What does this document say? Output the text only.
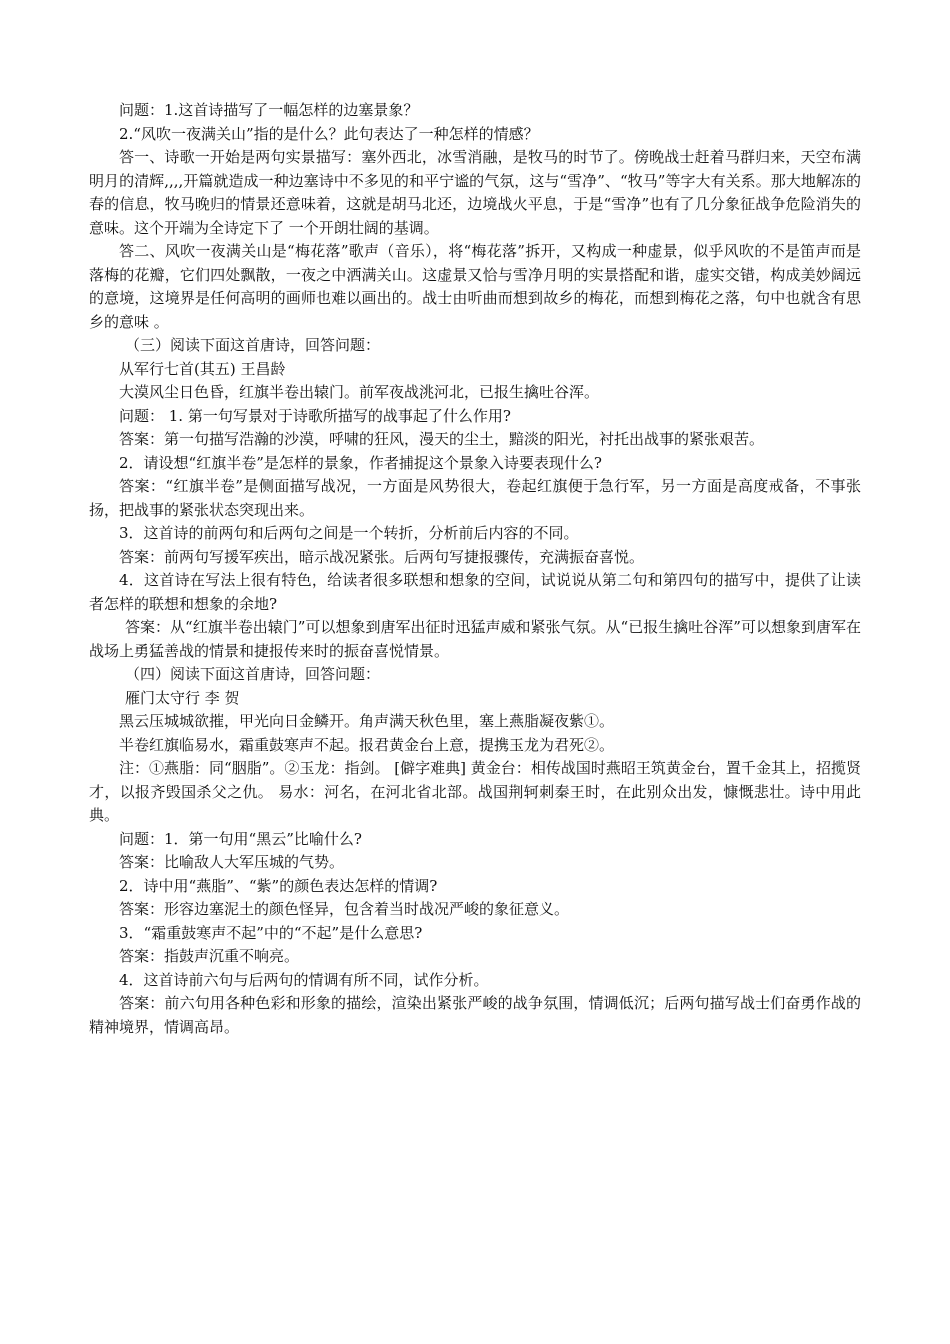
问题：1.这首诗描写了一幅怎样的边塞景象？

2.“风吹一夜满关山”指的是什么？此句表达了一种怎样的情感？

答一、诗歌一开始是两句实景描写：塞外西北，冰雪消融，是牧马的时节了。傍晚战士赶着马群归来，天空布满明月的清辉,,,,开篇就造成一种边塞诗中不多见的和平宁谧的气氛，这与“雪净”、“牧马”等字大有关系。那大地解冻的春的信息，牧马晚归的情景还意味着，这就是胡马北还，边境战火平息，于是“雪净”也有了几分象征战争危险消失的意味。这个开端为全诗定下了 一个开朗壮阔的基调。

答二、风吹一夜满关山是“梅花落”歌声（音乐），将“梅花落”拆开，又构成一种虚景，似乎风吹的不是笛声而是落梅的花瓣，它们四处飘散，一夜之中洒满关山。这虚景又恰与雪净月明的实景搭配和谐，虚实交错，构成美妙阔远的意境，这境界是任何高明的画师也难以画出的。战士由听曲而想到故乡的梅花，而想到梅花之落，句中也就含有思乡的意味 。

（三）阅读下面这首唐诗，回答问题：

从军行七首(其五) 王昌龄

大漠风尘日色昏，红旗半卷出辕门。前军夜战洮河北，已报生擒吐谷浑。

问题： 1. 第一句写景对于诗歌所描写的战事起了什么作用?

答案：第一句描写浩瀚的沙漠，呼啸的狂风，漫天的尘土，黯淡的阳光，衬托出战事的紧张艰苦。

2．请设想“红旗半卷”是怎样的景象，作者捕捉这个景象入诗要表现什么?

答案：“红旗半卷”是侧面描写战况，一方面是风势很大，卷起红旗便于急行军，另一方面是高度戒备，不事张扬，把战事的紧张状态突现出来。

3．这首诗的前两句和后两句之间是一个转折，分析前后内容的不同。

答案：前两句写援军疾出，暗示战况紧张。后两句写捷报骤传，充满振奋喜悦。

4．这首诗在写法上很有特色，给读者很多联想和想象的空间，试说说从第二句和第四句的描写中，提供了让读者怎样的联想和想象的余地?

答案：从“红旗半卷出辕门”可以想象到唐军出征时迅猛声威和紧张气氛。从“已报生擒吐谷浑”可以想象到唐军在战场上勇猛善战的情景和捷报传来时的振奋喜悦情景。

（四）阅读下面这首唐诗，回答问题：

雁门太守行 李 贺

黑云压城城欲摧，甲光向日金鳞开。角声满天秋色里，塞上燕脂凝夜紫①。

半卷红旗临易水，霜重鼓寒声不起。报君黄金台上意，提携玉龙为君死②。

注：①燕脂：同“胭脂”。②玉龙：指剑。 [僻字难典] 黄金台：相传战国时燕昭王筑黄金台，置千金其上，招揽贤才，以报齐毁国杀父之仇。 易水：河名，在河北省北部。战国荆轲刺秦王时，在此别众出发，慷慨悲壮。诗中用此典。

问题：1．第一句用“黑云”比喻什么?

答案：比喻敌人大军压城的气势。

2．诗中用“燕脂”、“紫”的颜色表达怎样的情调?

答案：形容边塞泥土的颜色怪异，包含着当时战况严峻的象征意义。

3．“霜重鼓寒声不起”中的“不起”是什么意思?

答案：指鼓声沉重不响亮。

4．这首诗前六句与后两句的情调有所不同，试作分析。

答案：前六句用各种色彩和形象的描绘，渲染出紧张严峻的战争氛围，情调低沉；后两句描写战士们奋勇作战的精神境界，情调高昂。
